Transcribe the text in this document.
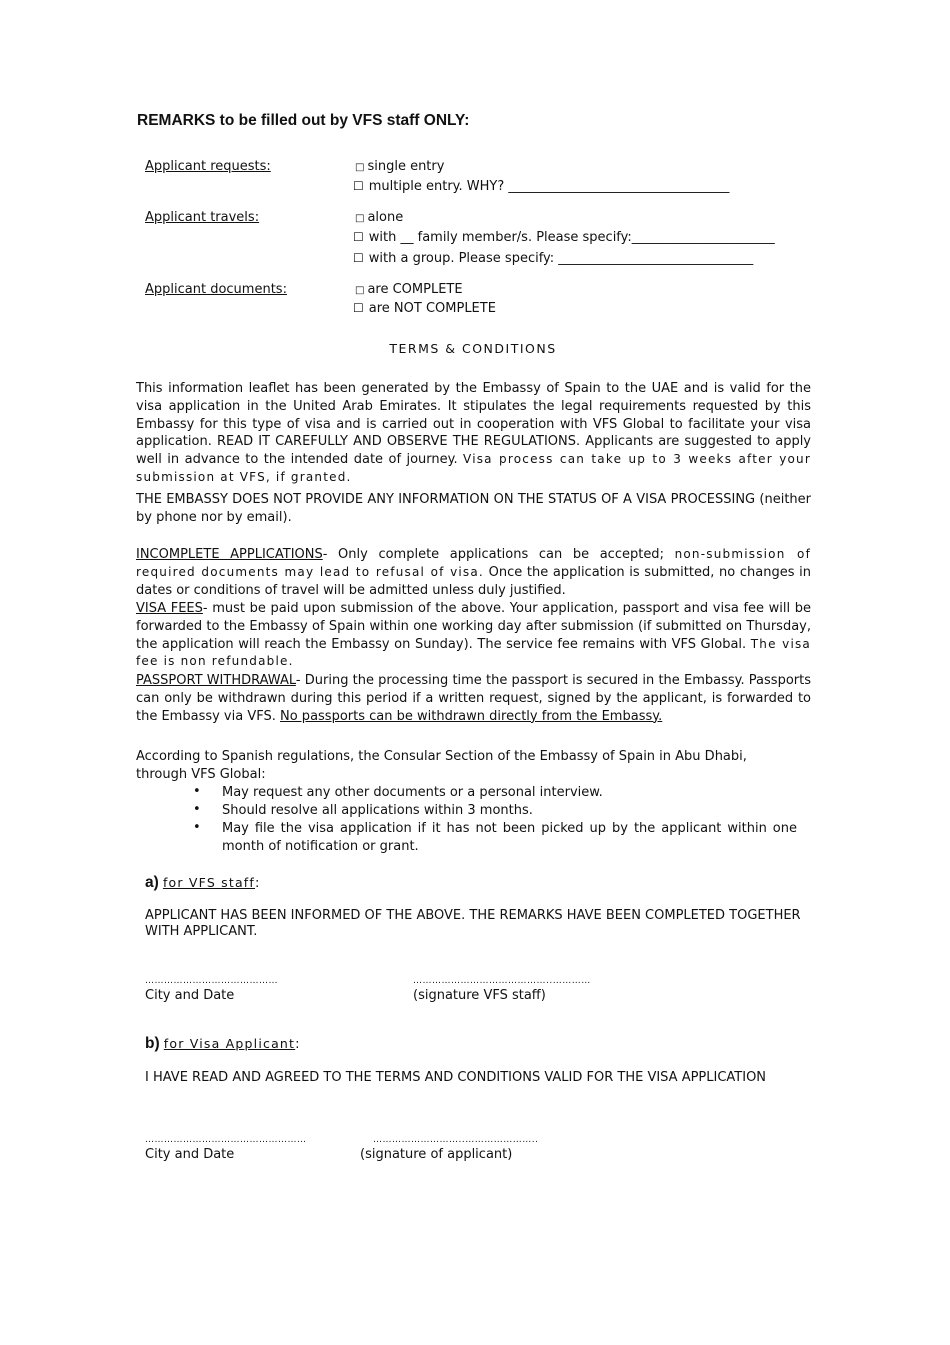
REMARKS to be filled out by VFS staff ONLY:
Applicant requests:	□ single entry
☐ multiple entry. WHY? __________________________________
Applicant travels:	□ alone
☐ with __ family member/s. Please specify:______________________
☐ with a group. Please specify: ______________________________
Applicant documents:	□ are COMPLETE
☐ are NOT COMPLETE
TERMS & CONDITIONS
This information leaflet has been generated by the Embassy of Spain to the UAE and is valid for the visa application in the United Arab Emirates. It stipulates the legal requirements requested by this Embassy for this type of visa and is carried out in cooperation with VFS Global to facilitate your visa application. READ IT CAREFULLY AND OBSERVE THE REGULATIONS. Applicants are suggested to apply well in advance to the intended date of journey. Visa process can take up to 3 weeks after your submission at VFS, if granted.
THE EMBASSY DOES NOT PROVIDE ANY INFORMATION ON THE STATUS OF A VISA PROCESSING (neither by phone nor by email).
INCOMPLETE APPLICATIONS- Only complete applications can be accepted; non-submission of required documents may lead to refusal of visa. Once the application is submitted, no changes in dates or conditions of travel will be admitted unless duly justified.
VISA FEES- must be paid upon submission of the above. Your application, passport and visa fee will be forwarded to the Embassy of Spain within one working day after submission (if submitted on Thursday, the application will reach the Embassy on Sunday). The service fee remains with VFS Global. The visa fee is non refundable.
PASSPORT WITHDRAWAL- During the processing time the passport is secured in the Embassy. Passports can only be withdrawn during this period if a written request, signed by the applicant, is forwarded to the Embassy via VFS. No passports can be withdrawn directly from the Embassy.
According to Spanish regulations, the Consular Section of the Embassy of Spain in Abu Dhabi, through VFS Global:
• May request any other documents or a personal interview.
• Should resolve all applications within 3 months.
• May file the visa application if it has not been picked up by the applicant within one month of notification or grant.
a) for VFS staff:
APPLICANT HAS BEEN INFORMED OF THE ABOVE. THE REMARKS HAVE BEEN COMPLETED TOGETHER WITH APPLICANT.
……………………………………	……………………………………..…………
City and Date	(signature VFS staff)
b) for Visa Applicant:
I HAVE READ AND AGREED TO THE TERMS AND CONDITIONS VALID FOR THE VISA APPLICATION
……………………………………………	………………………..…………………..
City and Date	(signature of applicant)
